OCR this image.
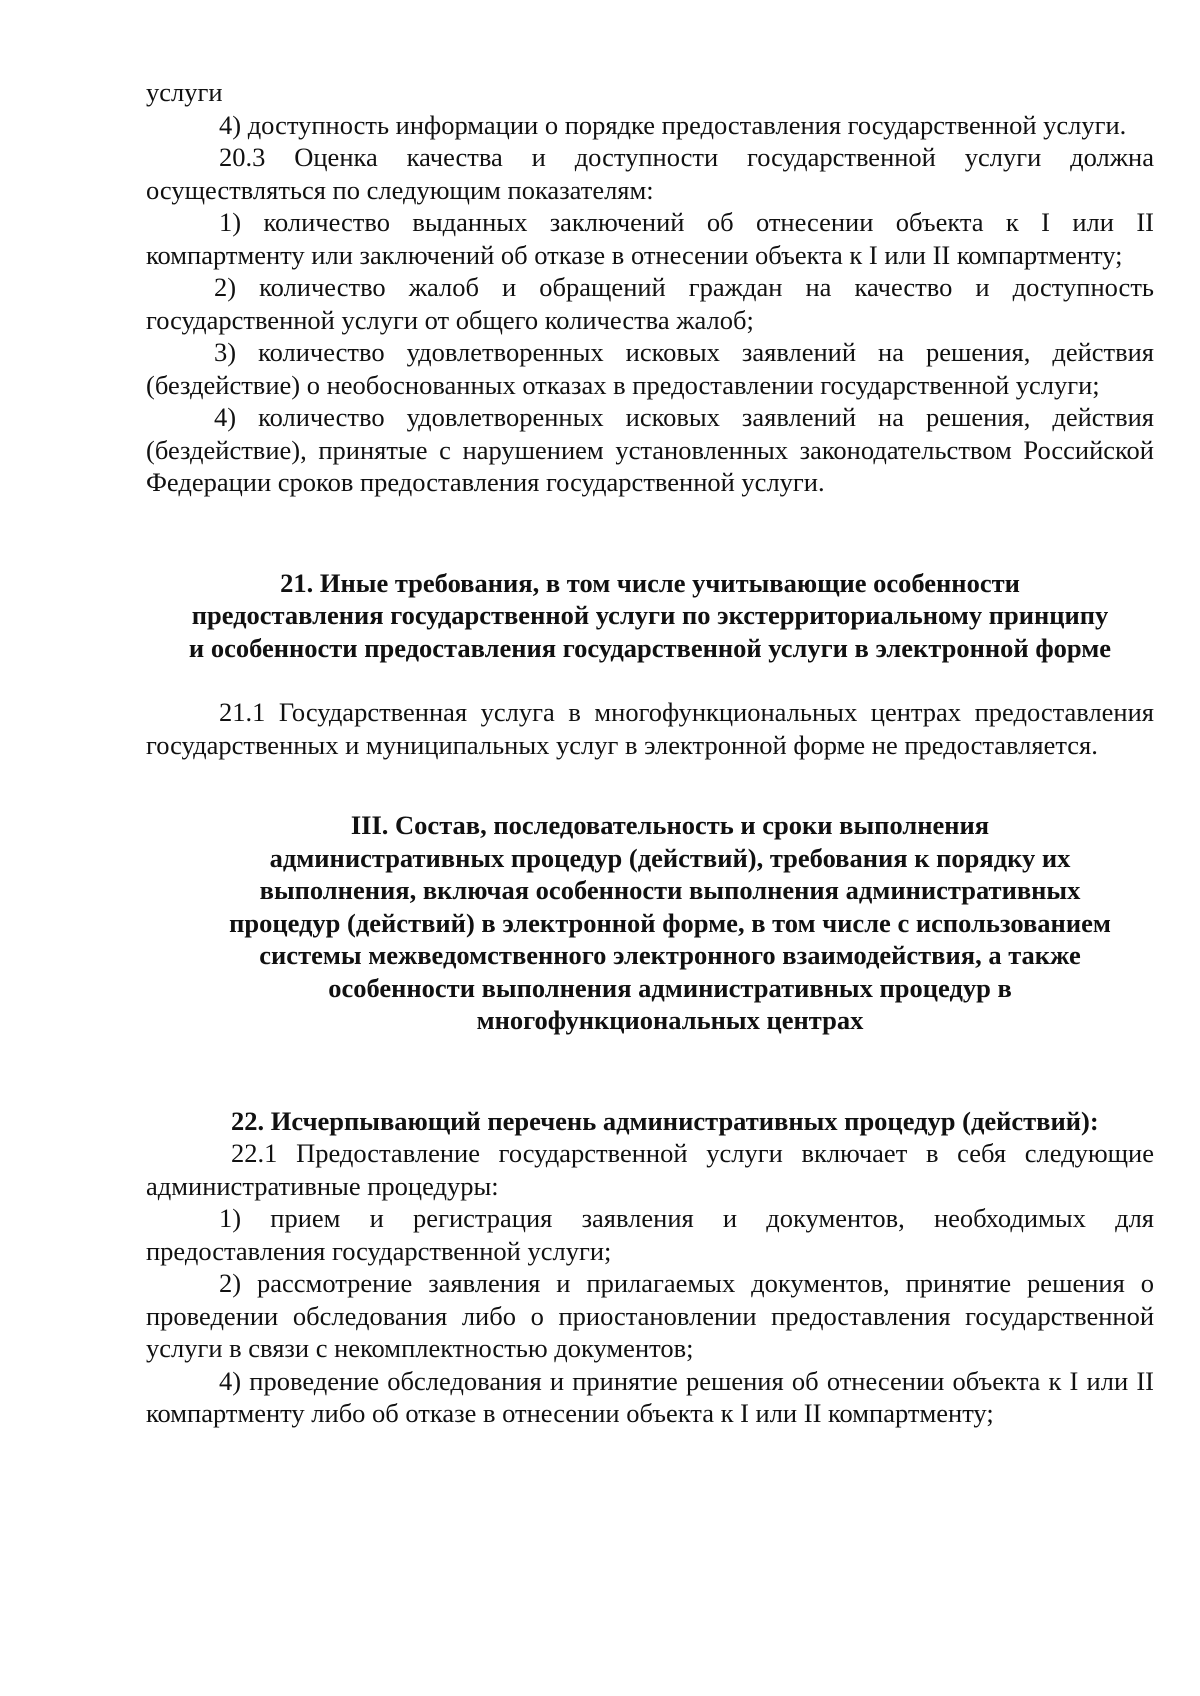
услуги

4) доступность информации о порядке предоставления государственной услуги.

20.3 Оценка качества и доступности государственной услуги должна осуществляться по следующим показателям:

1) количество выданных заключений об отнесении объекта к I или II компартменту или заключений об отказе в отнесении объекта к I или II компартменту;

2) количество жалоб и обращений граждан на качество и доступность государственной услуги от общего количества жалоб;

3) количество удовлетворенных исковых заявлений на решения, действия (бездействие) о необоснованных отказах в предоставлении государственной услуги;

4) количество удовлетворенных исковых заявлений на решения, действия (бездействие), принятые с нарушением установленных законодательством Российской Федерации сроков предоставления государственной услуги.

21. Иные требования, в том числе учитывающие особенности

предоставления государственной услуги по экстерриториальному принципу

и особенности предоставления государственной услуги в электронной форме

21.1 Государственная услуга в многофункциональных центрах предоставления государственных и муниципальных услуг в электронной форме не предоставляется.

III. Состав, последовательность и сроки выполнения

административных процедур (действий), требования к порядку их

выполнения, включая особенности выполнения административных

процедур (действий) в электронной форме, в том числе с использованием

системы межведомственного электронного взаимодействия, а также

особенности выполнения административных процедур в

многофункциональных центрах

22. Исчерпывающий перечень административных процедур (действий):

22.1 Предоставление государственной услуги включает в себя следующие административные процедуры:

1) прием и регистрация заявления и документов, необходимых для предоставления государственной услуги;

2) рассмотрение заявления и прилагаемых документов, принятие решения о проведении обследования либо о приостановлении предоставления государственной услуги в связи с некомплектностью документов;

4) проведение обследования и принятие решения об отнесении объекта к I или II компартменту либо об отказе в отнесении объекта к I или II компартменту;
